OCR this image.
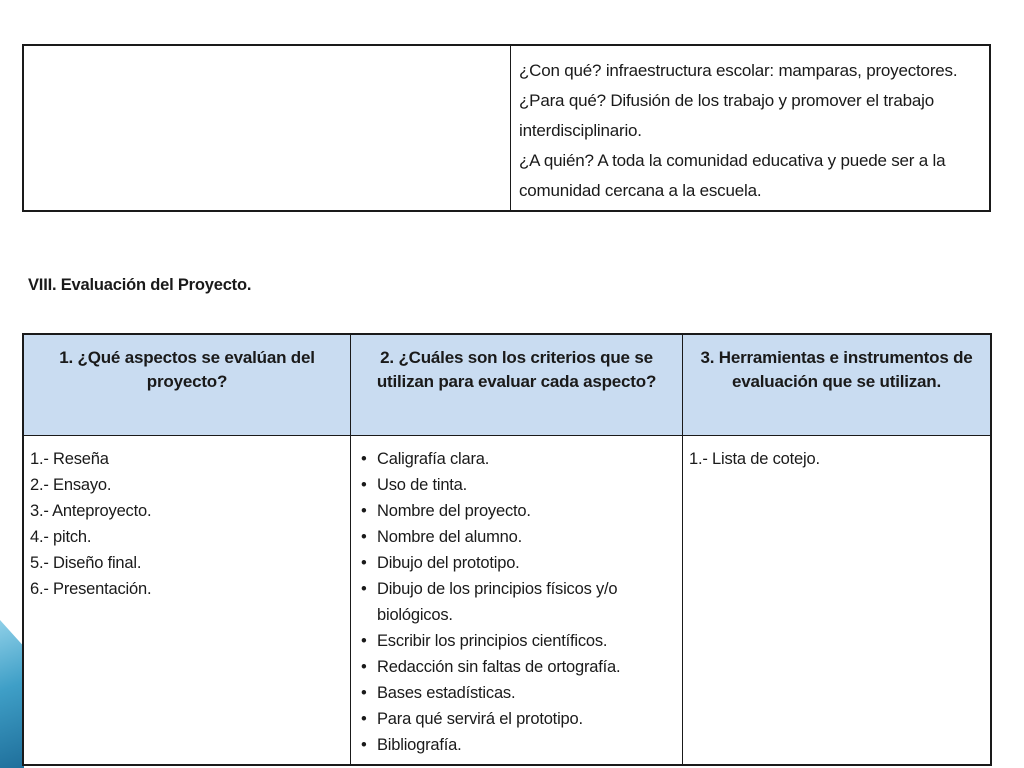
¿Con qué? infraestructura escolar: mamparas, proyectores.
¿Para qué? Difusión de los trabajo y promover el trabajo
interdisciplinario.
¿A quién? A toda la comunidad educativa y puede ser a la
comunidad cercana a la escuela.
VIII. Evaluación del Proyecto.
1. ¿Qué aspectos se evalúan del proyecto?
2. ¿Cuáles son los criterios que se utilizan para evaluar cada aspecto?
3. Herramientas e instrumentos de evaluación que se utilizan.
1.- Reseña
2.- Ensayo.
3.- Anteproyecto.
4.- pitch.
5.- Diseño final.
6.- Presentación.
• Caligrafía clara.
• Uso de tinta.
• Nombre del proyecto.
• Nombre del alumno.
• Dibujo del prototipo.
• Dibujo de los principios físicos y/o biológicos.
• Escribir los principios científicos.
• Redacción sin faltas de ortografía.
• Bases estadísticas.
• Para qué servirá el prototipo.
• Bibliografía.
1.- Lista de cotejo.
